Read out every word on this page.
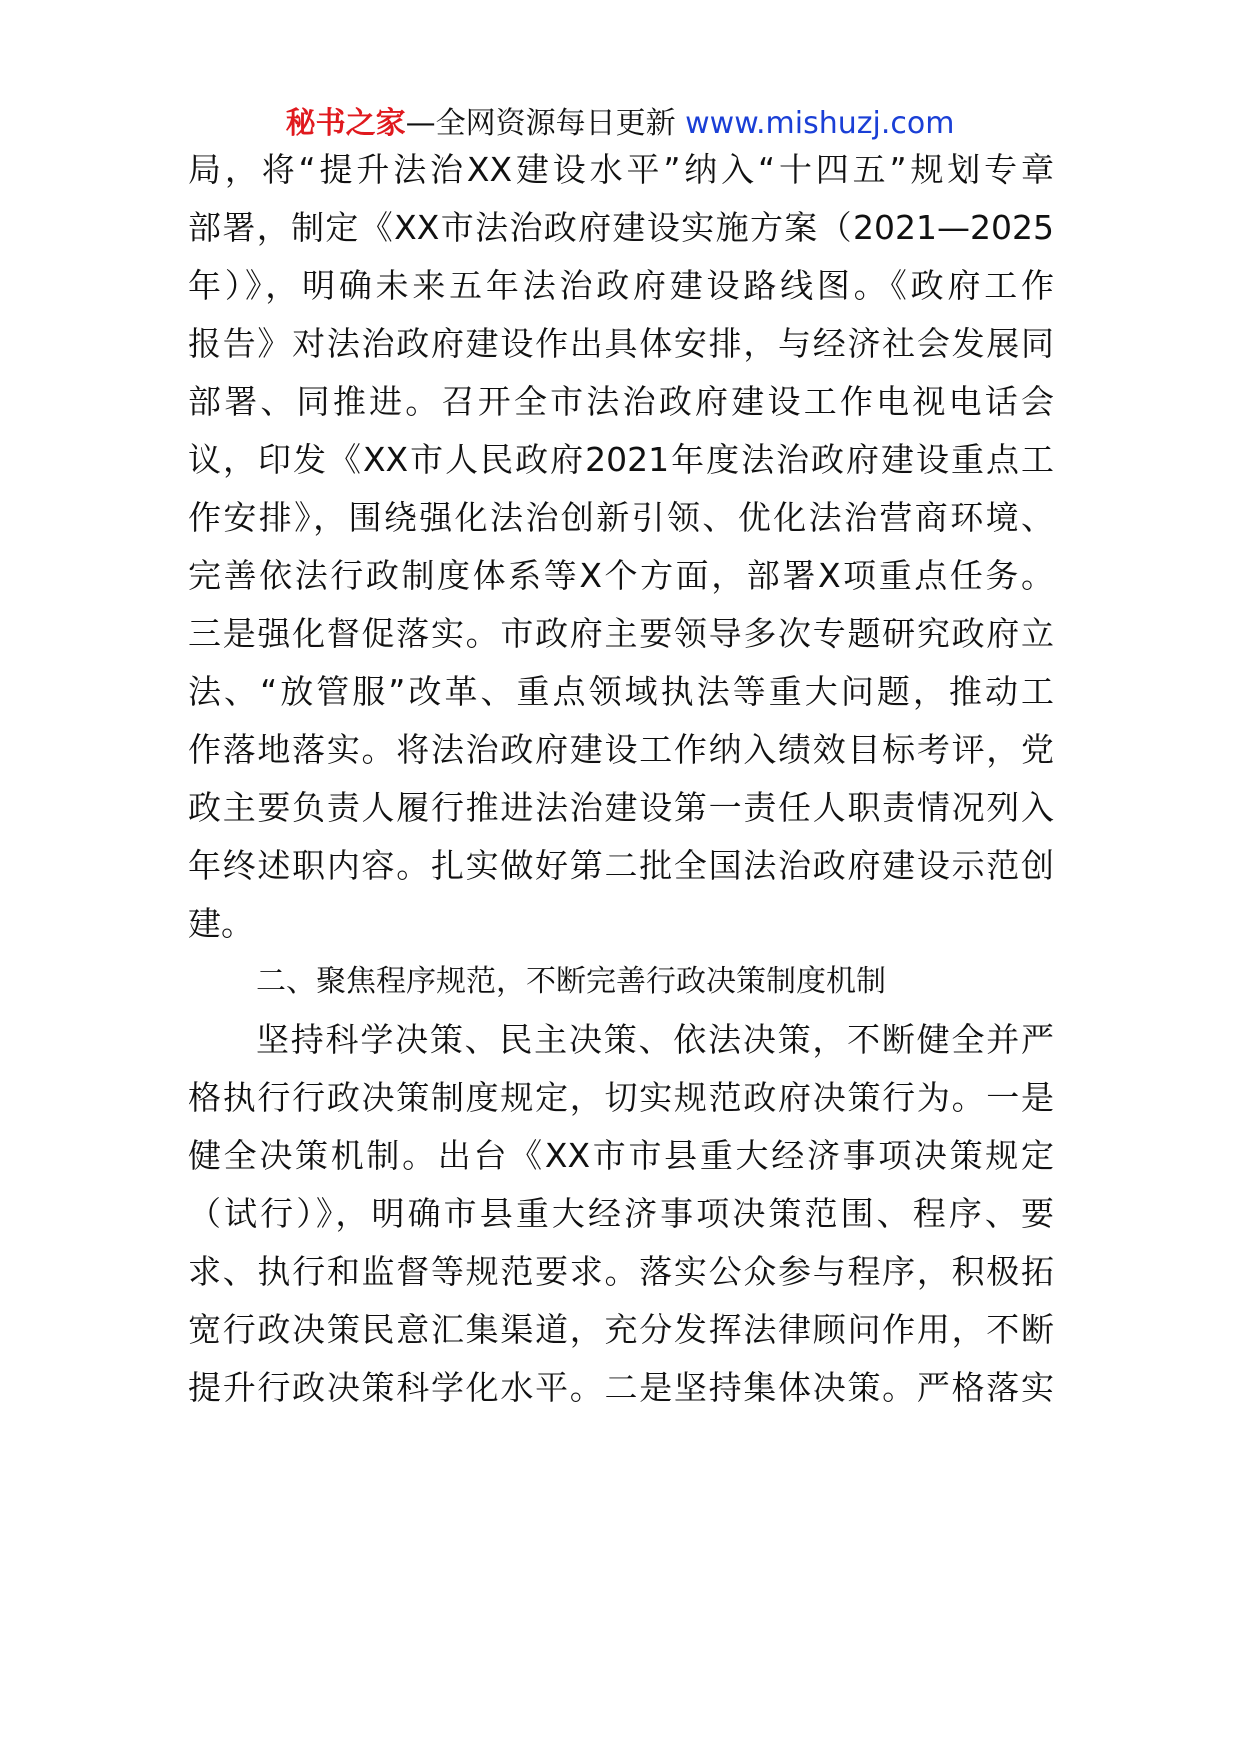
秘书之家—全网资源每日更新 www.mishuzj.com
局，将“提升法治XX建设水平”纳入“十四五”规划专章
部署，制定《XX市法治政府建设实施方案（2021—2025
年）》，明确未来五年法治政府建设路线图。《政府工作
报告》对法治政府建设作出具体安排，与经济社会发展同
部署、同推进。召开全市法治政府建设工作电视电话会
议，印发《XX市人民政府2021年度法治政府建设重点工
作安排》，围绕强化法治创新引领、优化法治营商环境、
完善依法行政制度体系等X个方面，部署X项重点任务。
三是强化督促落实。市政府主要领导多次专题研究政府立
法、“放管服”改革、重点领域执法等重大问题，推动工
作落地落实。将法治政府建设工作纳入绩效目标考评，党
政主要负责人履行推进法治建设第一责任人职责情况列入
年终述职内容。扎实做好第二批全国法治政府建设示范创
建。
二、聚焦程序规范，不断完善行政决策制度机制
坚持科学决策、民主决策、依法决策，不断健全并严
格执行行政决策制度规定，切实规范政府决策行为。一是
健全决策机制。出台《XX市市县重大经济事项决策规定
（试行）》，明确市县重大经济事项决策范围、程序、要
求、执行和监督等规范要求。落实公众参与程序，积极拓
宽行政决策民意汇集渠道，充分发挥法律顾问作用，不断
提升行政决策科学化水平。二是坚持集体决策。严格落实
